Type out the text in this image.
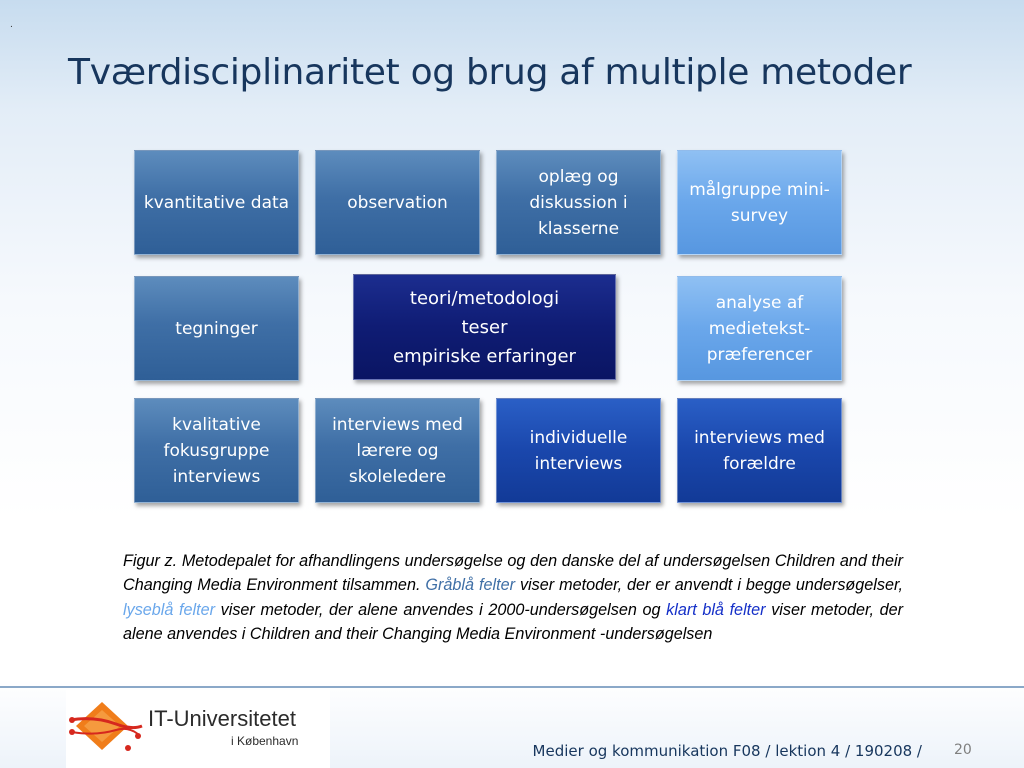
.
Tværdisciplinaritet og brug af multiple metoder
kvantitative data	observation
oplæg og
diskussion i
klasserne
målgruppe mini-
survey
tegninger
teori/metodologi
teser
empiriske erfaringer
analyse af
medietekst-
præferencer
kvalitative
fokusgruppe
interviews
interviews med
lærere og
skoleledere
individuelle
interviews
interviews med
forældre

Figur z. Metodepalet for afhandlingens undersøgelse og den danske del af undersøgelsen Children and their Changing Media Environment tilsammen. Gråblå felter viser metoder, der er anvendt i begge undersøgelser, lyseblå felter viser metoder, der alene anvendes i 2000-undersøgelsen og klart blå felter viser metoder, der alene anvendes i Children and their Changing Media Environment -undersøgelsen

IT-Universitetet
i København
Medier og kommunikation F08 / lektion 4 / 190208 / 20
